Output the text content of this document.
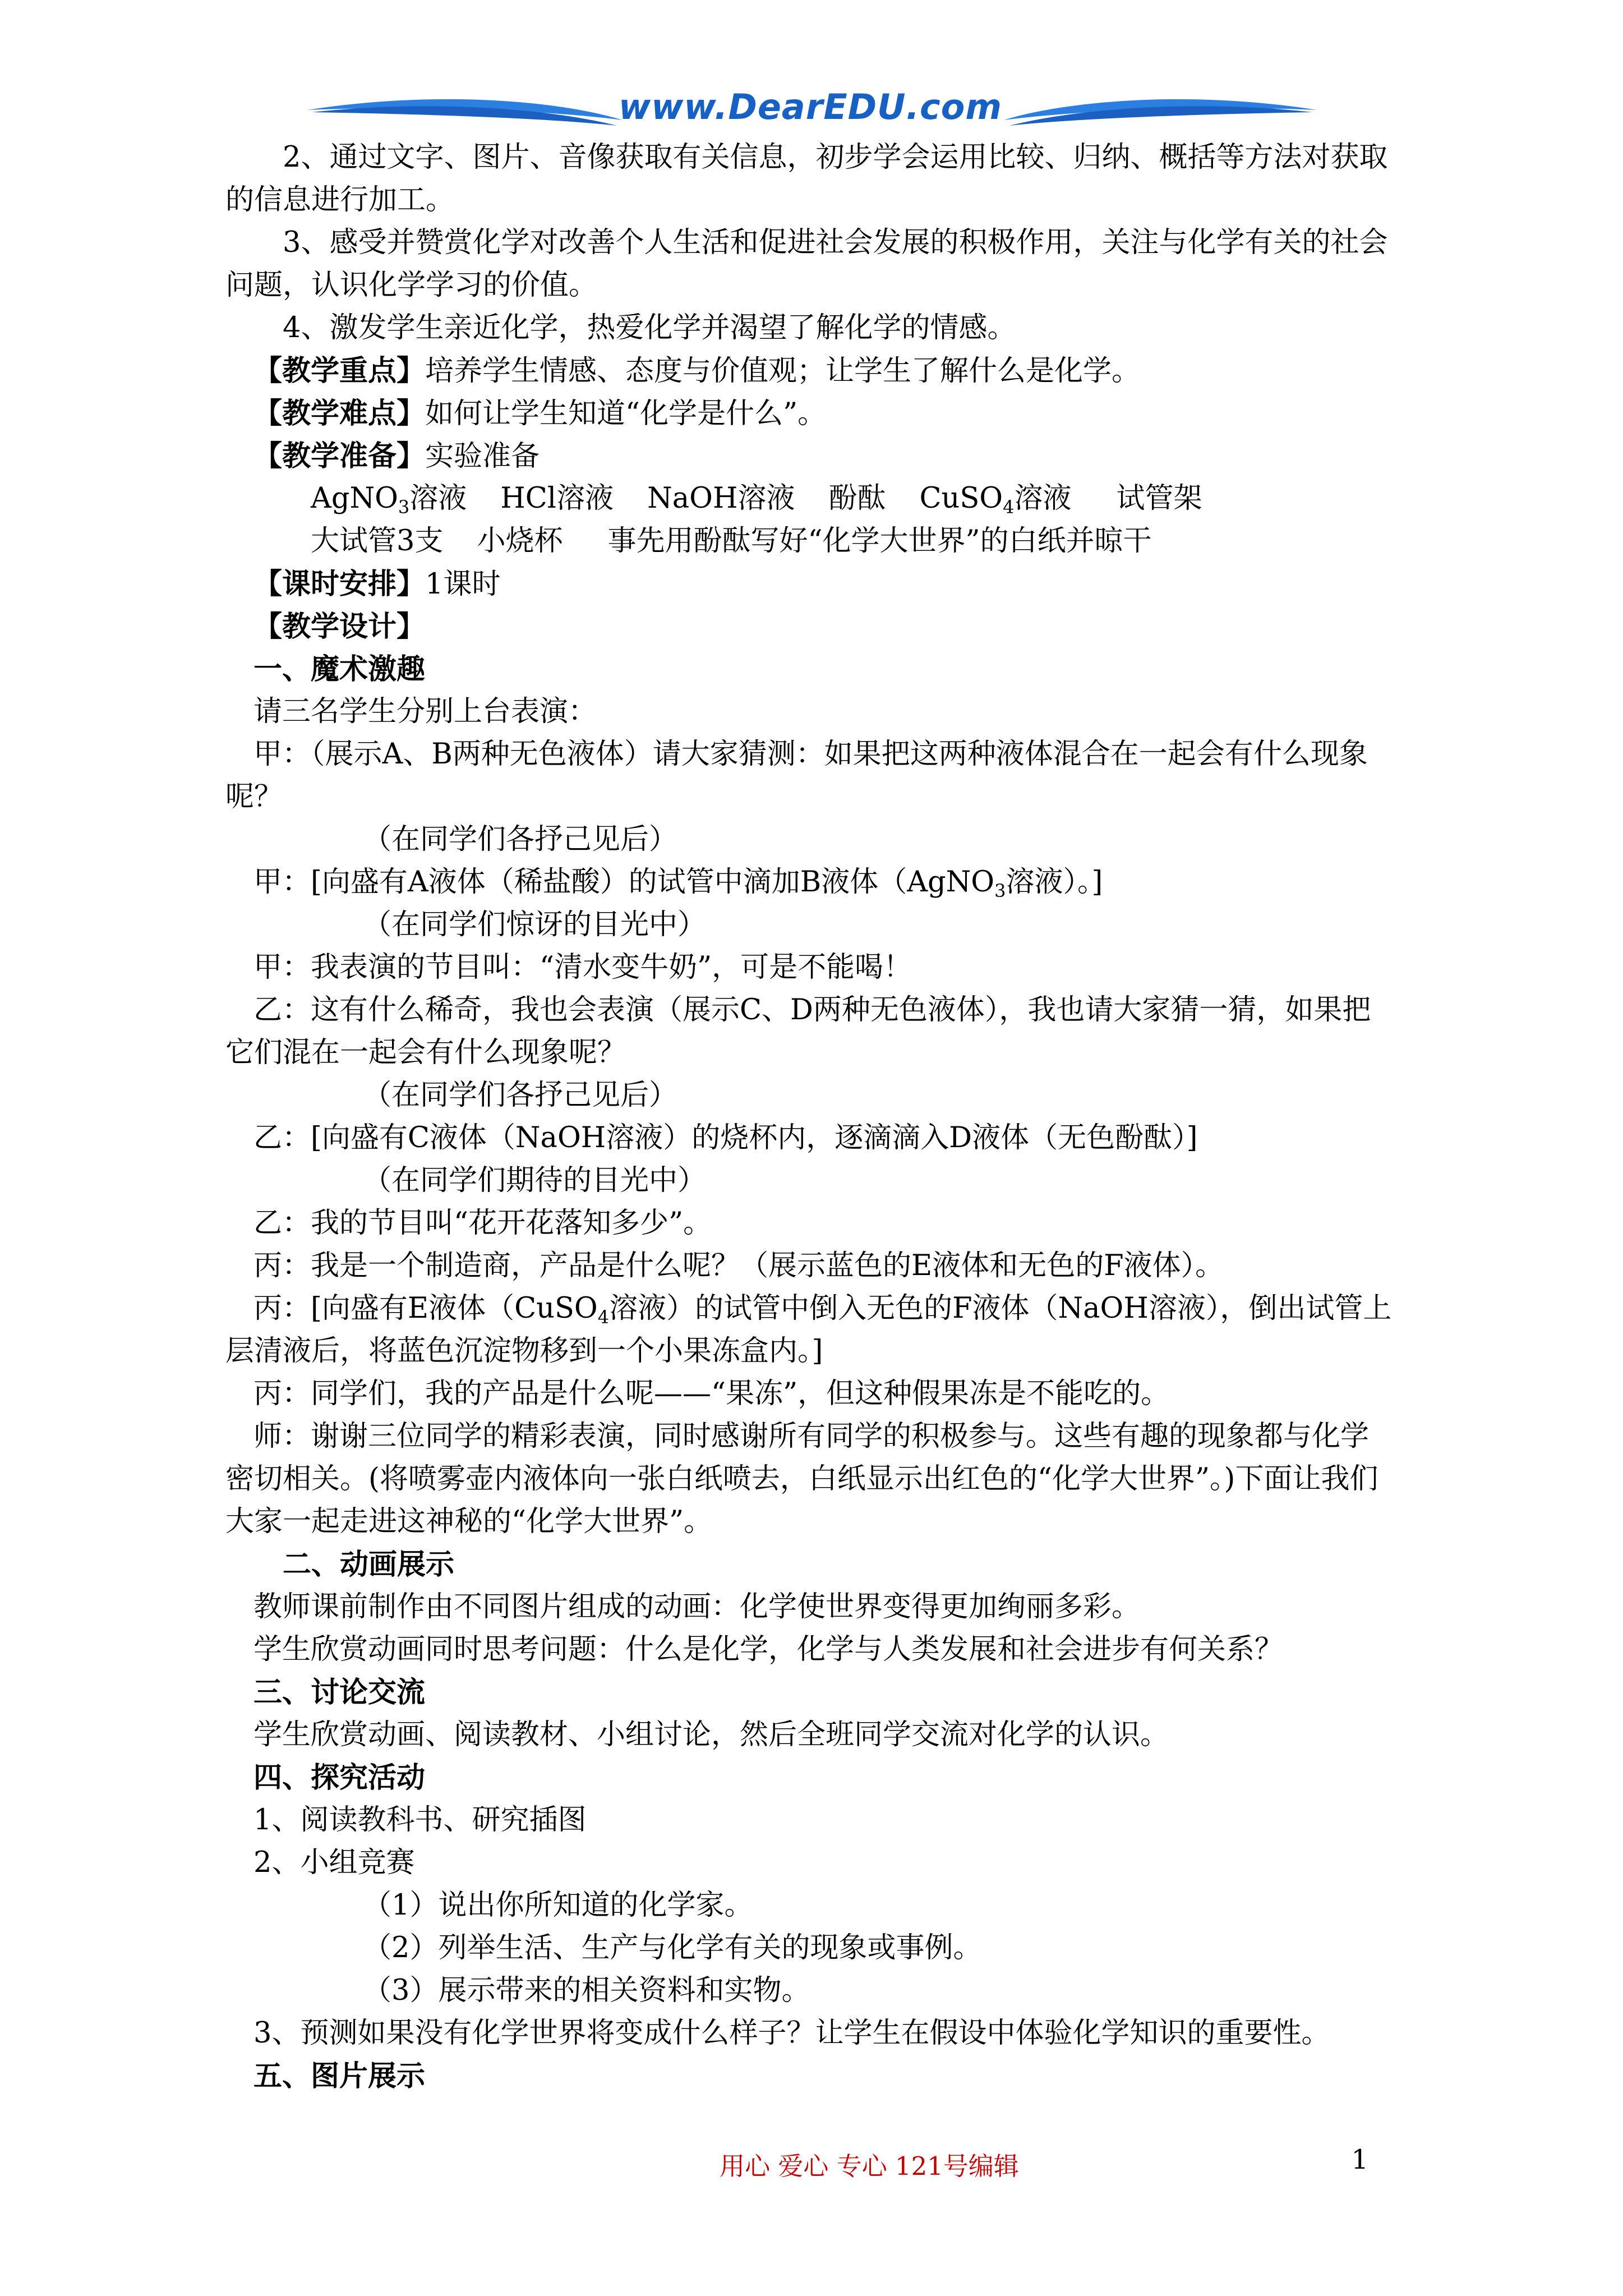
www.DearEDU.com
2、通过文字、图片、音像获取有关信息，初步学会运用比较、归纳、概括等方法对获取
的信息进行加工。
3、感受并赞赏化学对改善个人生活和促进社会发展的积极作用，关注与化学有关的社会
问题，认识化学学习的价值。
4、激发学生亲近化学，热爱化学并渴望了解化学的情感。
【教学重点】培养学生情感、态度与价值观；让学生了解什么是化学。
【教学难点】如何让学生知道“化学是什么”。
【教学准备】实验准备
AgNO$_3$溶液 HCl溶液 NaOH溶液 酚酞 CuSO$_4$溶液 试管架
大试管3支 小烧杯 事先用酚酞写好“化学大世界”的白纸并晾干
【课时安排】1课时
【教学设计】
一、魔术激趣
请三名学生分别上台表演：
甲：（展示A、B两种无色液体）请大家猜测：如果把这两种液体混合在一起会有什么现象
呢？
（在同学们各抒己见后）
甲：[向盛有A液体（稀盐酸）的试管中滴加B液体（AgNO$_3$溶液）。]
（在同学们惊讶的目光中）
甲：我表演的节目叫：“清水变牛奶”，可是不能喝！
乙：这有什么稀奇，我也会表演（展示C、D两种无色液体），我也请大家猜一猜，如果把
它们混在一起会有什么现象呢？
（在同学们各抒己见后）
乙：[向盛有C液体（NaOH溶液）的烧杯内，逐滴滴入D液体（无色酚酞）]
（在同学们期待的目光中）
乙：我的节目叫“花开花落知多少”。
丙：我是一个制造商，产品是什么呢？（展示蓝色的E液体和无色的F液体）。
丙：[向盛有E液体（CuSO$_4$溶液）的试管中倒入无色的F液体（NaOH溶液），倒出试管上
层清液后，将蓝色沉淀物移到一个小果冻盒内。]
丙：同学们，我的产品是什么呢——“果冻”，但这种假果冻是不能吃的。
师：谢谢三位同学的精彩表演，同时感谢所有同学的积极参与。这些有趣的现象都与化学
密切相关。(将喷雾壶内液体向一张白纸喷去，白纸显示出红色的“化学大世界”。)下面让我们
大家一起走进这神秘的“化学大世界”。
二、动画展示
教师课前制作由不同图片组成的动画：化学使世界变得更加绚丽多彩。
学生欣赏动画同时思考问题：什么是化学，化学与人类发展和社会进步有何关系？
三、讨论交流
学生欣赏动画、阅读教材、小组讨论，然后全班同学交流对化学的认识。
四、探究活动
1、阅读教科书、研究插图
2、小组竞赛
（1）说出你所知道的化学家。
（2）列举生活、生产与化学有关的现象或事例。
（3）展示带来的相关资料和实物。
3、预测如果没有化学世界将变成什么样子？让学生在假设中体验化学知识的重要性。
五、图片展示
用心 爱心 专心 121号编辑	1
